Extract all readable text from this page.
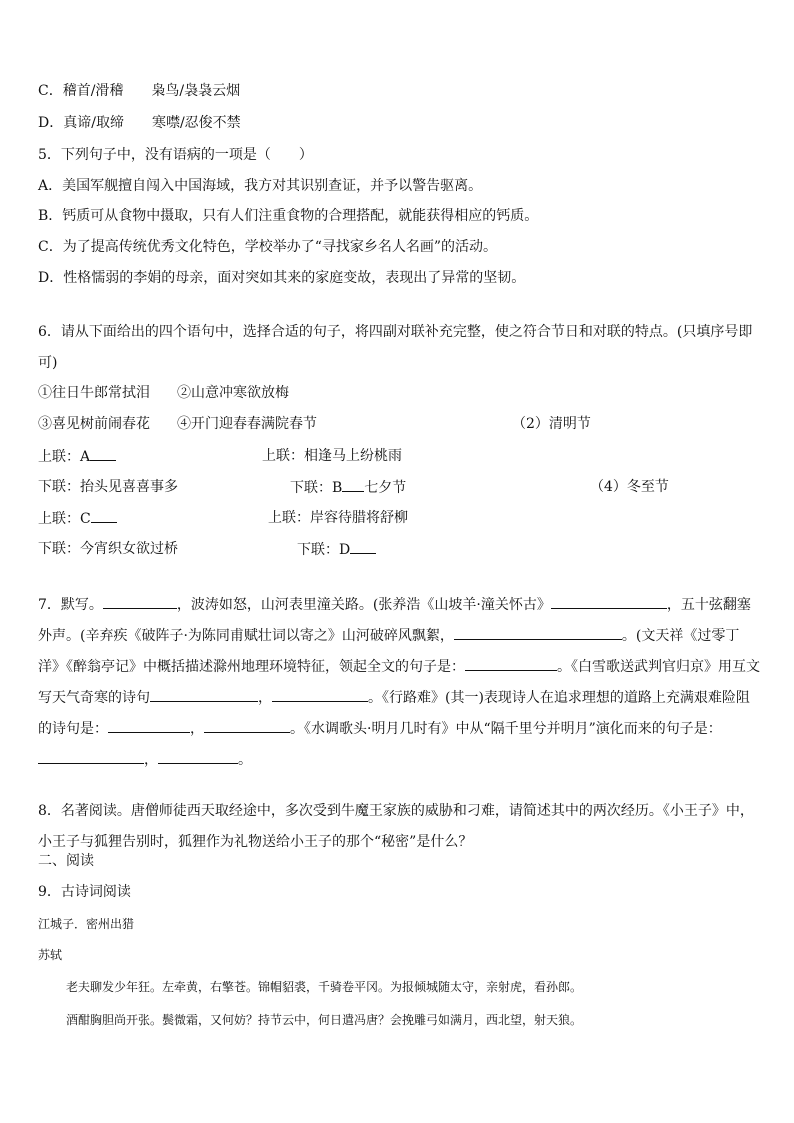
C．稽首/滑稽　　枭鸟/袅袅云烟
D．真谛/取缔　　寒噤/忍俊不禁
5．下列句子中，没有语病的一项是（　　）
A．美国军舰擅自闯入中国海域，我方对其识别查证，并予以警告驱离。
B．钙质可从食物中摄取，只有人们注重食物的合理搭配，就能获得相应的钙质。
C．为了提高传统优秀文化特色，学校举办了“寻找家乡名人名画”的活动。
D．性格懦弱的李娟的母亲，面对突如其来的家庭变故，表现出了异常的坚韧。
6．请从下面给出的四个语句中，选择合适的句子，将四副对联补充完整，使之符合节日和对联的特点。(只填序号即可)
①往日牛郎常拭泪 ②山意冲寒欲放梅
③喜见树前闹春花 ④开门迎春春满院春节	（2）清明节
上联：A	上联：相逢马上纷桃雨
下联：抬头见喜喜事多	下联：B 七夕节	（4）冬至节
上联：C	上联：岸容待腊将舒柳
下联：今宵织女欲过桥	下联：D
7．默写。	，波涛如怒，山河表里潼关路。(张养浩《山坡羊·潼关怀古》	，五十弦翻塞外声。(辛弃疾《破阵子·为陈同甫赋壮词以寄之》山河破碎风飘絮，	。(文天祥《过零丁洋》《醉翁亭记》中概括描述滁州地理环境特征，领起全文的句子是：	。《白雪歌送武判官归京》用互文写天气奇寒的诗句	，	。《行路难》(其一)表现诗人在追求理想的道路上充满艰难险阻的诗句是：	，	。《水调歌头·明月几时有》中从“隔千里兮并明月”演化而来的句子是：，	。
8．名著阅读。唐僧师徒西天取经途中，多次受到牛魔王家族的威胁和刁难，请简述其中的两次经历。《小王子》中，小王子与狐狸告别时，狐狸作为礼物送给小王子的那个“秘密”是什么？
二、阅读
9．古诗词阅读
江城子．密州出猎
苏轼
老夫聊发少年狂。左牵黄，右擎苍。锦帽貂裘，千骑卷平冈。为报倾城随太守，亲射虎，看孙郎。
酒酣胸胆尚开张。鬓微霜，又何妨？持节云中，何日遣冯唐？会挽雕弓如满月，西北望，射天狼。
